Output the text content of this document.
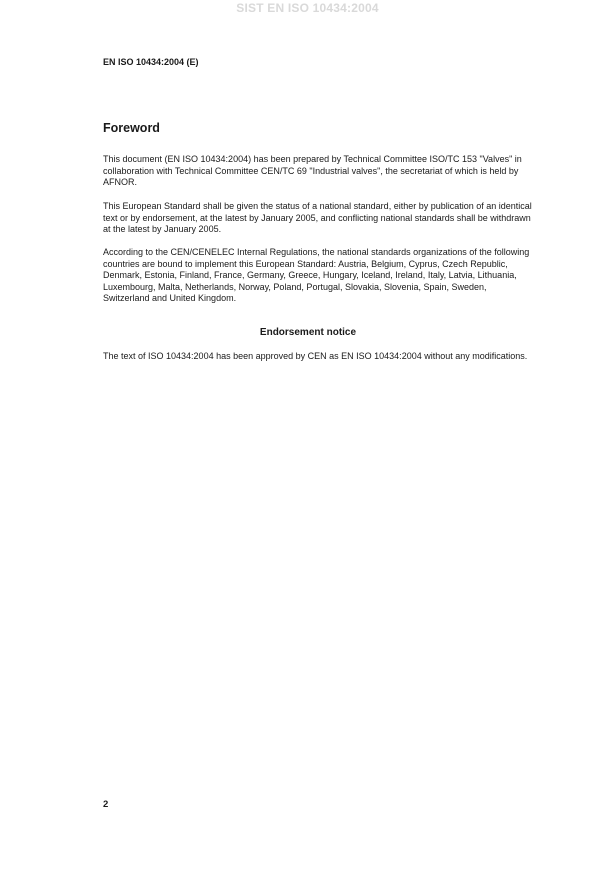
SIST EN ISO 10434:2004
EN ISO 10434:2004 (E)
Foreword

This document (EN ISO 10434:2004) has been prepared by Technical Committee ISO/TC 153 "Valves" in collaboration with Technical Committee CEN/TC 69 "Industrial valves", the secretariat of which is held by AFNOR.

This European Standard shall be given the status of a national standard, either by publication of an identical text or by endorsement, at the latest by January 2005, and conflicting national standards shall be withdrawn at the latest by January 2005.

According to the CEN/CENELEC Internal Regulations, the national standards organizations of the following countries are bound to implement this European Standard: Austria, Belgium, Cyprus, Czech Republic, Denmark, Estonia, Finland, France, Germany, Greece, Hungary, Iceland, Ireland, Italy, Latvia, Lithuania, Luxembourg, Malta, Netherlands, Norway, Poland, Portugal, Slovakia, Slovenia, Spain, Sweden, Switzerland and United Kingdom.

Endorsement notice

The text of ISO 10434:2004 has been approved by CEN as EN ISO 10434:2004 without any modifications.

2
